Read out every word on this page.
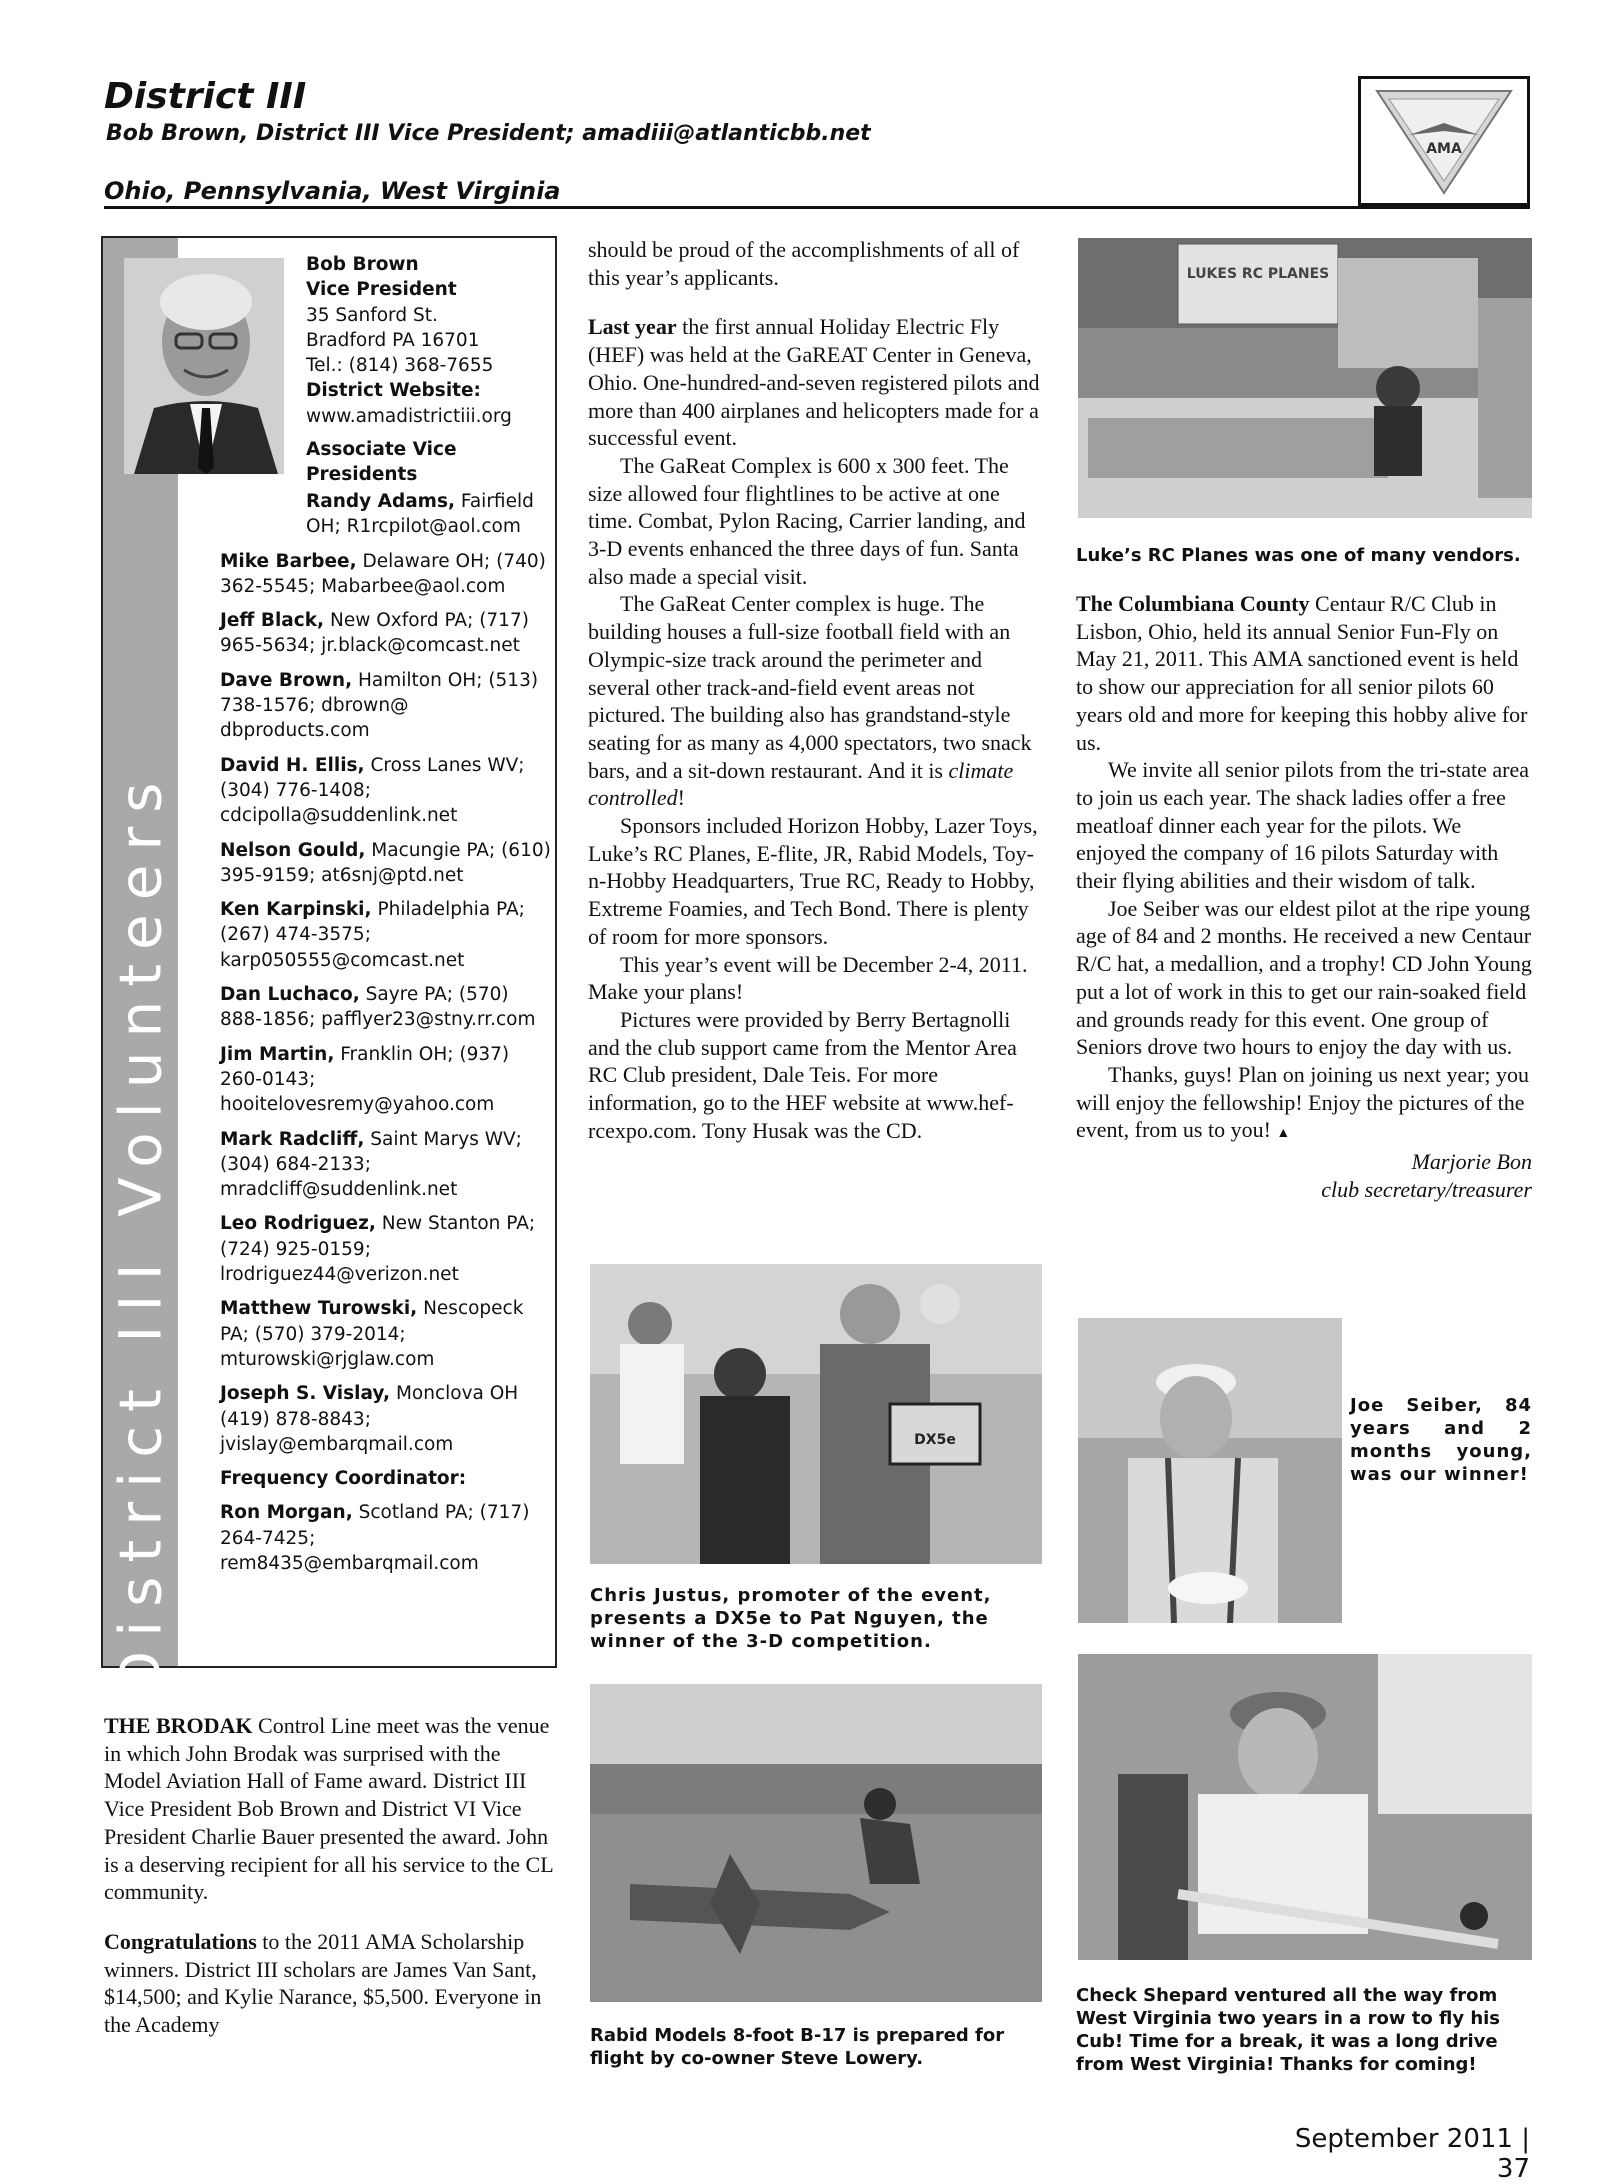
District III
Bob Brown, District III Vice President; amadiii@atlanticbb.net
Ohio, Pennsylvania, West Virginia
AMA
District III Volunteers

Bob Brown
Vice President
35 Sanford St.
Bradford PA 16701
Tel.: (814) 368-7655
District Website:
www.amadistrictiii.org
Associate Vice Presidents

Randy Adams, Fairfield OH; R1rcpilot@aol.com

Mike Barbee, Delaware OH; (740) 362-5545; Mabarbee@aol.com

Jeff Black, New Oxford PA; (717) 965-5634; jr.black@comcast.net

Dave Brown, Hamilton OH; (513) 738-1576; dbrown@ dbproducts.com

David H. Ellis, Cross Lanes WV; (304) 776-1408; cdcipolla@suddenlink.net

Nelson Gould, Macungie PA; (610) 395-9159; at6snj@ptd.net

Ken Karpinski, Philadelphia PA; (267) 474-3575; karp050555@comcast.net

Dan Luchaco, Sayre PA; (570) 888-1856; pafflyer23@stny.rr.com

Jim Martin, Franklin OH; (937) 260-0143; hooitelovesremy@yahoo.com

Mark Radcliff, Saint Marys WV; (304) 684-2133; mradcliff@suddenlink.net

Leo Rodriguez, New Stanton PA; (724) 925-0159; lrodriguez44@verizon.net

Matthew Turowski, Nescopeck PA; (570) 379-2014; mturowski@rjglaw.com

Joseph S. Vislay, Monclova OH (419) 878-8843; jvislay@embarqmail.com

Frequency Coordinator:

Ron Morgan, Scotland PA; (717) 264-7425; rem8435@embarqmail.com

THE BRODAK Control Line meet was the venue in which John Brodak was surprised with the Model Aviation Hall of Fame award. District III Vice President Bob Brown and District VI Vice President Charlie Bauer presented the award. John is a deserving recipient for all his service to the CL community.

Congratulations to the 2011 AMA Scholarship winners. District III scholars are James Van Sant, $14,500; and Kylie Narance, $5,500. Everyone in the Academy

should be proud of the accomplishments of all of this year’s applicants.

Last year the first annual Holiday Electric Fly (HEF) was held at the GaREAT Center in Geneva, Ohio. One-hundred-and-seven registered pilots and more than 400 airplanes and helicopters made for a successful event.

The GaReat Complex is 600 x 300 feet. The size allowed four flightlines to be active at one time. Combat, Pylon Racing, Carrier landing, and 3-D events enhanced the three days of fun. Santa also made a special visit.

The GaReat Center complex is huge. The building houses a full-size football field with an Olympic-size track around the perimeter and several other track-and-field event areas not pictured. The building also has grandstand-style seating for as many as 4,000 spectators, two snack bars, and a sit-down restaurant. And it is climate controlled!

Sponsors included Horizon Hobby, Lazer Toys, Luke’s RC Planes, E-flite, JR, Rabid Models, Toy-n-Hobby Headquarters, True RC, Ready to Hobby, Extreme Foamies, and Tech Bond. There is plenty of room for more sponsors.

This year’s event will be December 2-4, 2011. Make your plans!

Pictures were provided by Berry Bertagnolli and the club support came from the Mentor Area RC Club president, Dale Teis. For more information, go to the HEF website at www.hef-rcexpo.com. Tony Husak was the CD.

The Columbiana County Centaur R/C Club in Lisbon, Ohio, held its annual Senior Fun-Fly on May 21, 2011. This AMA sanctioned event is held to show our appreciation for all senior pilots 60 years old and more for keeping this hobby alive for us.

We invite all senior pilots from the tri-state area to join us each year. The shack ladies offer a free meatloaf dinner each year for the pilots. We enjoyed the company of 16 pilots Saturday with their flying abilities and their wisdom of talk.

Joe Seiber was our eldest pilot at the ripe young age of 84 and 2 months. He received a new Centaur R/C hat, a medallion, and a trophy! CD John Young put a lot of work in this to get our rain-soaked field and grounds ready for this event. One group of Seniors drove two hours to enjoy the day with us.

Thanks, guys! Plan on joining us next year; you will enjoy the fellowship! Enjoy the pictures of the event, from us to you! ▲

Marjorie Bon

club secretary/treasurer

LUKES RC PLANES
Luke’s RC Planes was one of many vendors.
DX5e
Chris Justus, promoter of the event, presents a DX5e to Pat Nguyen, the winner of the 3-D competition.
Joe Seiber, 84 years and 2 months young, was our winner!
Rabid Models 8-foot B-17 is prepared for flight by co-owner Steve Lowery.
Check Shepard ventured all the way from West Virginia two years in a row to fly his Cub! Time for a break, it was a long drive from West Virginia! Thanks for coming!
September 2011 | 37
